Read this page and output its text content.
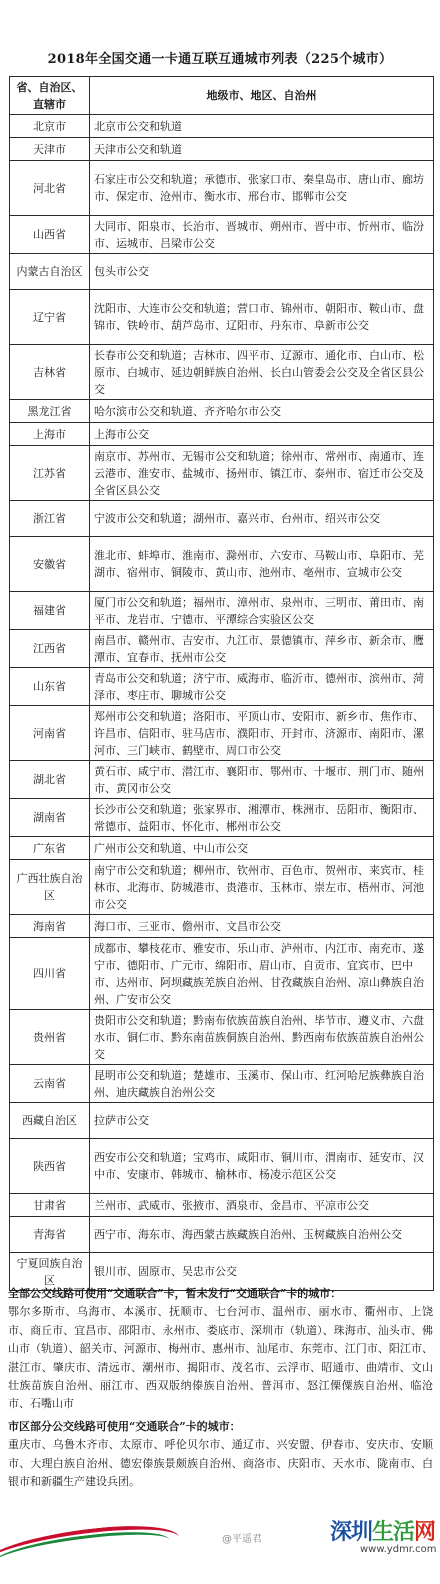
2018年全国交通一卡通互联互通城市列表（225个城市）
省、自治区、直辖市	地级市、地区、自治州
北京市	北京市公交和轨道
天津市	天津市公交和轨道
河北省	石家庄市公交和轨道；承德市、张家口市、秦皇岛市、唐山市、廊坊市、保定市、沧州市、衡水市、邢台市、邯郸市公交
山西省	大同市、阳泉市、长治市、晋城市、朔州市、晋中市、忻州市、临汾市、运城市、吕梁市公交
内蒙古自治区	包头市公交
辽宁省	沈阳市、大连市公交和轨道；营口市、锦州市、朝阳市、鞍山市、盘锦市、铁岭市、葫芦岛市、辽阳市、丹东市、阜新市公交
吉林省	长春市公交和轨道；吉林市、四平市、辽源市、通化市、白山市、松原市、白城市、延边朝鲜族自治州、长白山管委会公交及全省区县公交
黑龙江省	哈尔滨市公交和轨道、齐齐哈尔市公交
上海市	上海市公交
江苏省	南京市、苏州市、无锡市公交和轨道；徐州市、常州市、南通市、连云港市、淮安市、盐城市、扬州市、镇江市、泰州市、宿迁市公交及全省区县公交
浙江省	宁波市公交和轨道；湖州市、嘉兴市、台州市、绍兴市公交
安徽省	淮北市、蚌埠市、淮南市、滁州市、六安市、马鞍山市、阜阳市、芜湖市、宿州市、铜陵市、黄山市、池州市、亳州市、宣城市公交
福建省	厦门市公交和轨道；福州市、漳州市、泉州市、三明市、莆田市、南平市、龙岩市、宁德市、平潭综合实验区公交
江西省	南昌市、赣州市、吉安市、九江市、景德镇市、萍乡市、新余市、鹰潭市、宜春市、抚州市公交
山东省	青岛市公交和轨道；济宁市、威海市、临沂市、德州市、滨州市、菏泽市、枣庄市、聊城市公交
河南省	郑州市公交和轨道；洛阳市、平顶山市、安阳市、新乡市、焦作市、许昌市、信阳市、驻马店市、濮阳市、开封市、济源市、南阳市、漯河市、三门峡市、鹤壁市、周口市公交
湖北省	黄石市、咸宁市、潜江市、襄阳市、鄂州市、十堰市、荆门市、随州市、黄冈市公交
湖南省	长沙市公交和轨道；张家界市、湘潭市、株洲市、岳阳市、衡阳市、常德市、益阳市、怀化市、郴州市公交
广东省	广州市公交和轨道、中山市公交
广西壮族自治区	南宁市公交和轨道；柳州市、钦州市、百色市、贺州市、来宾市、桂林市、北海市、防城港市、贵港市、玉林市、崇左市、梧州市、河池市公交
海南省	海口市、三亚市、儋州市、文昌市公交
四川省	成都市、攀枝花市、雅安市、乐山市、泸州市、内江市、南充市、遂宁市、德阳市、广元市、绵阳市、眉山市、自贡市、宜宾市、巴中市、达州市、阿坝藏族羌族自治州、甘孜藏族自治州、凉山彝族自治州、广安市公交
贵州省	贵阳市公交和轨道；黔南布依族苗族自治州、毕节市、遵义市、六盘水市、铜仁市、黔东南苗族侗族自治州、黔西南布依族苗族自治州公交
云南省	昆明市公交和轨道；楚雄市、玉溪市、保山市、红河哈尼族彝族自治州、迪庆藏族自治州公交
西藏自治区	拉萨市公交
陕西省	西安市公交和轨道；宝鸡市、咸阳市、铜川市、渭南市、延安市、汉中市、安康市、韩城市、榆林市、杨凌示范区公交
甘肃省	兰州市、武威市、张掖市、酒泉市、金昌市、平凉市公交
青海省	西宁市、海东市、海西蒙古族藏族自治州、玉树藏族自治州公交
宁夏回族自治区	银川市、固原市、吴忠市公交

全部公交线路可使用“交通联合”卡，暂未发行“交通联合”卡的城市：

鄂尔多斯市、乌海市、本溪市、抚顺市、七台河市、温州市、丽水市、衢州市、上饶市、商丘市、宜昌市、邵阳市、永州市、娄底市、深圳市（轨道）、珠海市、汕头市、佛山市（轨道）、韶关市、河源市、梅州市、惠州市、汕尾市、东莞市、江门市、阳江市、湛江市、肇庆市、清远市、潮州市、揭阳市、茂名市、云浮市、昭通市、曲靖市、文山壮族苗族自治州、丽江市、西双版纳傣族自治州、普洱市、怒江傈僳族自治州、临沧市、石嘴山市

市区部分公交线路可使用“交通联合”卡的城市：

重庆市、乌鲁木齐市、太原市、呼伦贝尔市、通辽市、兴安盟、伊春市、安庆市、安顺市、大理白族自治州、德宏傣族景颇族自治州、商洛市、庆阳市、天水市、陇南市、白银市和新疆生产建设兵团。

@平遥君	深圳生活网
www.ydmr.com
